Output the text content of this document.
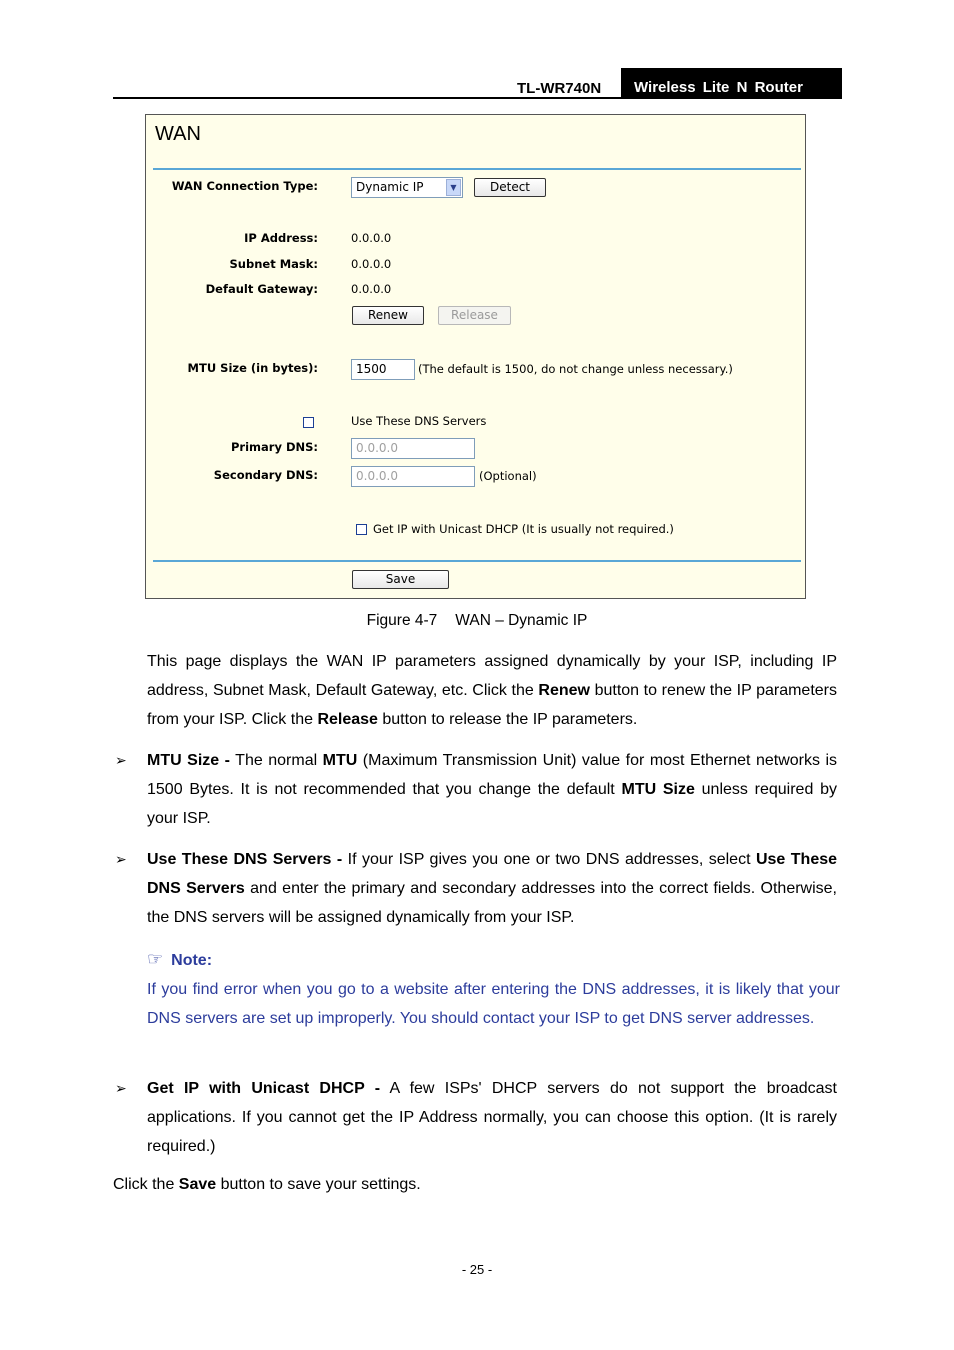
TL-WR740N	Wireless Lite N Router
WAN
WAN Connection Type:	Dynamic IP	▼	Detect
IP Address:	0.0.0.0
Subnet Mask:	0.0.0.0
Default Gateway:	0.0.0.0
Renew	Release
MTU Size (in bytes):	1500	(The default is 1500, do not change unless necessary.)
Use These DNS Servers
Primary DNS:	0.0.0.0
Secondary DNS:	0.0.0.0	(Optional)
Get IP with Unicast DHCP (It is usually not required.)
Save
Figure 4-7 WAN – Dynamic IP
This page displays the WAN IP parameters assigned dynamically by your ISP, including IP address, Subnet Mask, Default Gateway, etc. Click the Renew button to renew the IP parameters from your ISP. Click the Release button to release the IP parameters.
➢ MTU Size - The normal MTU (Maximum Transmission Unit) value for most Ethernet networks is 1500 Bytes. It is not recommended that you change the default MTU Size unless required by your ISP.
➢ Use These DNS Servers - If your ISP gives you one or two DNS addresses, select Use These DNS Servers and enter the primary and secondary addresses into the correct fields. Otherwise, the DNS servers will be assigned dynamically from your ISP.
☞ Note:
If you find error when you go to a website after entering the DNS addresses, it is likely that your DNS servers are set up improperly. You should contact your ISP to get DNS server addresses.
➢ Get IP with Unicast DHCP - A few ISPs' DHCP servers do not support the broadcast applications. If you cannot get the IP Address normally, you can choose this option. (It is rarely required.)
Click the Save button to save your settings.
- 25 -
